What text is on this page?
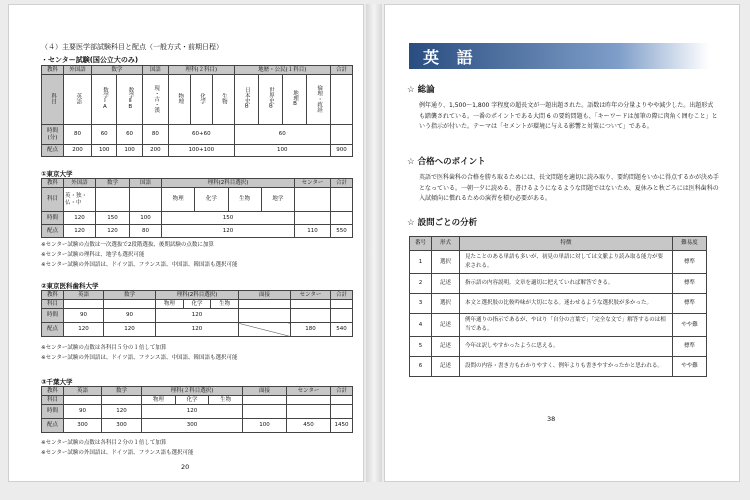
（４）主要医学部試験科目と配点（一般方式・前期日程）
・センター試験(国公立大のみ)
教科	外国語	数学		国語	理科(２科目)			地歴・公民(１科目)				合計
科目	英語	数学ⅠA	数学ⅡB	現・古・漢	物理	化学	生物	日本史B	世界史B	地理B	倫理・政経	
時間(分)	80	60	60	80	60+60			60				
配点	200	100	100	200	100+100			100				900
①東京大学
教科	外国語	数学	国語	理科(2科目選択)				センター	合計
科目	英・独・仏・中			物理	化学	生物	地学		
時間	120	150	100	150					
配点	120	120	80	120				110	550
※センター試験の点数は一次選抜で2段階選抜、後期試験の点数に加算
※センター試験の理科は、地学も選択可能
※センター試験の外国語は、ドイツ語、フランス語、中国語、韓国語も選択可能
②東京医科歯科大学
教科	英語	数学	理科(2科目選択)			面接	センター	合計
科目			物理	化学	生物			
時間	90	90	120					
配点	120	120	120				180	540
※センター試験の点数は各科目５分の１倍して加算
※センター試験の外国語は、ドイツ語、フランス語、中国語、韓国語も選択可能
③千葉大学
教科	英語	数学	理科(２科目選択)			面接	センター	合計
科目			物理	化学	生物			
時間	90	120	120					
配点	300	300	300			100	450	1450
※センター試験の点数は各科目２分の１倍して加算
※センター試験の外国語は、ドイツ語、フランス語も選択可能
20
英 語
☆ 総論
例年通り、1,500～1,800 字程度の超長文が一題出題された。語数は昨年の分量よりやや減少した。出題形式も踏襲されている。一番のポイントである大問 6 の要約問題も、「キーワードは加筆の際に肉角く囲むこと」という指示が付いた。テーマは「セメントが環境に与える影響と対策について」である。
☆ 合格へのポイント
英語で医科歯科の合格を勝ち取るためには、長文問題を適切に読み取り、要約問題をいかに得点するかが決め手となっている。一朝一夕に読める、書けるようになるような問題ではないため、夏休みと秋ごろには医科歯科の入試傾向に慣れるための演習を積む必要がある。
☆ 設問ごとの分析
番号	形式	特徴	難易度
1	選択	見たことのある単語も多いが、初見の単語に対しては文脈より読み取る能力が要求される。	標準
2	記述	指示語の内容説明。文章を適切に把えていれば解答できる。	標準
3	選択	本文と選択肢の比較吟味が大切になる。迷わせるような選択肢が多かった。	標準
4	記述	例年通りの指示であるが、やはり「自分の言葉で」「完全な文で」解答するのは相当である。	やや難
5	記述	今年は訳しやすかったように思える。	標準
6	記述	設問の内容・書き方もわかりやすく、例年よりも書きやすかったかと思われる。	やや難
38
